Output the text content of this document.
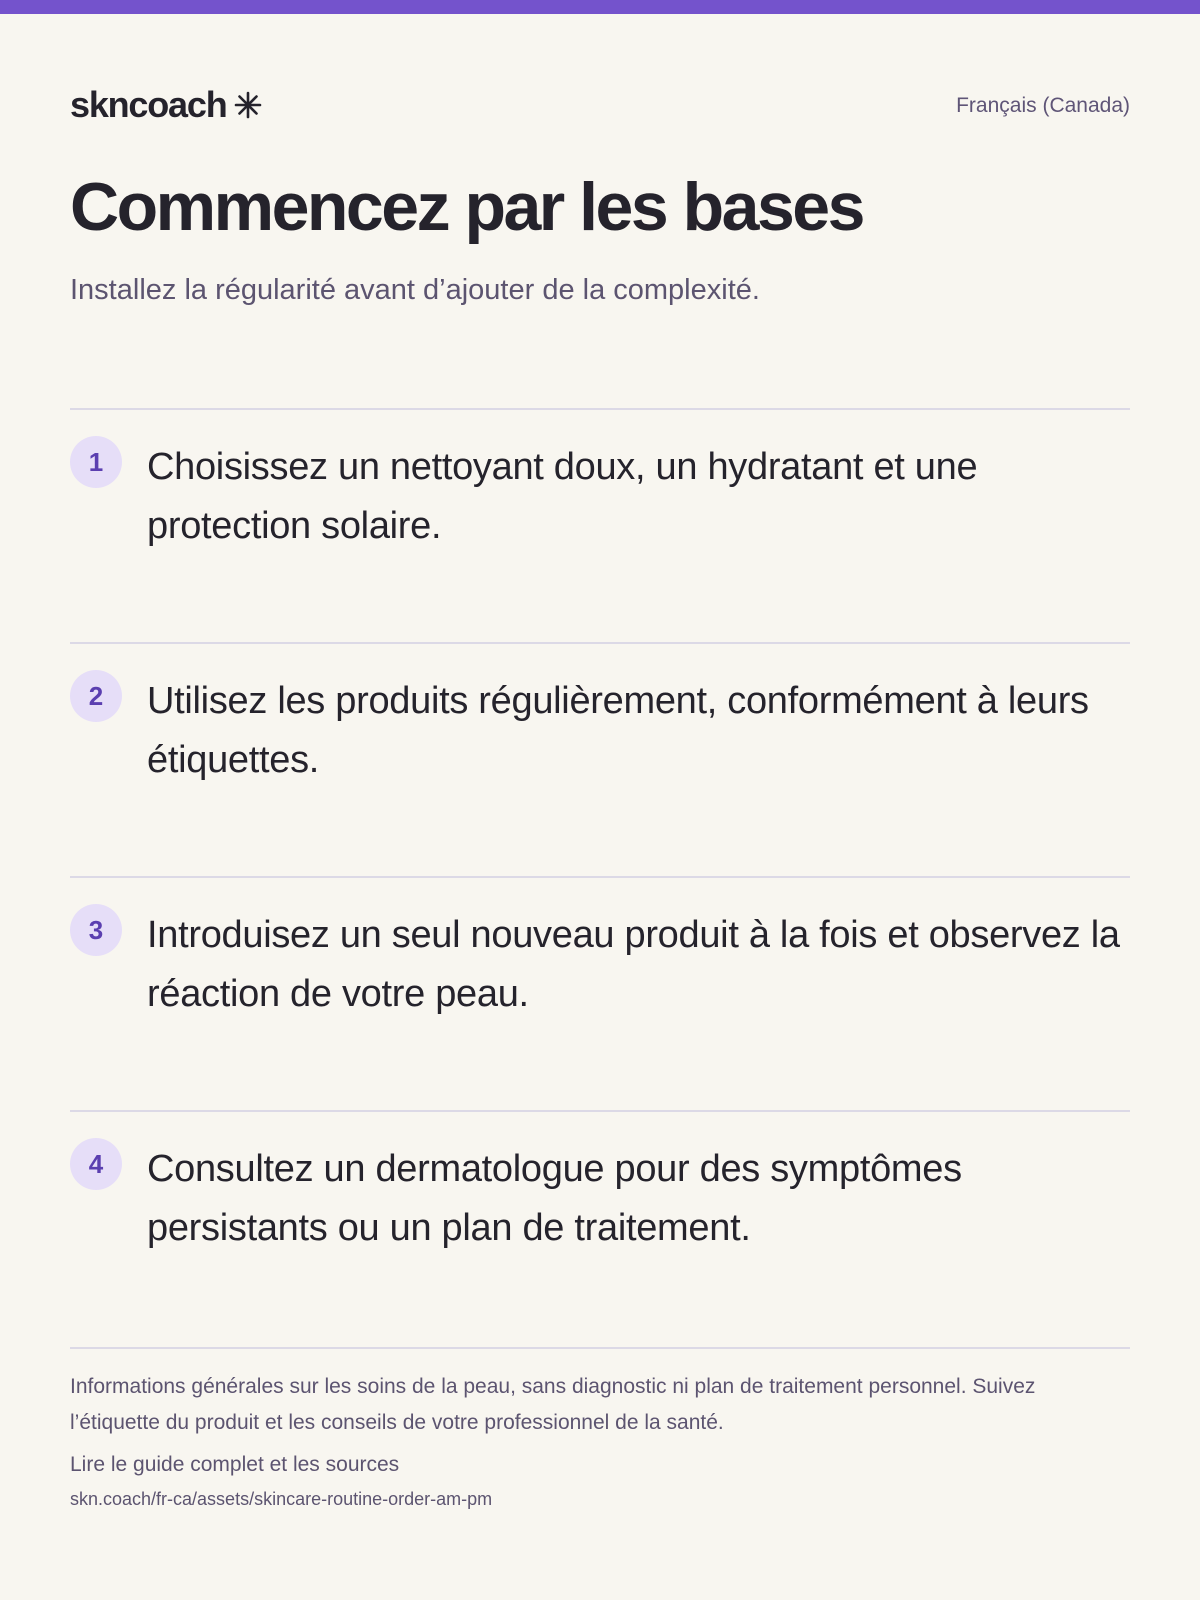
skncoach	Français (Canada)
Commencez par les bases

Installez la régularité avant d’ajouter de la complexité.

1	Choisissez un nettoyant doux, un hydratant et une protection solaire.

2	Utilisez les produits régulièrement, conformément à leurs étiquettes.

3	Introduisez un seul nouveau produit à la fois et observez la réaction de votre peau.

4	Consultez un dermatologue pour des symptômes persistants ou un plan de traitement.

Informations générales sur les soins de la peau, sans diagnostic ni plan de traitement personnel. Suivez l’étiquette du produit et les conseils de votre professionnel de la santé.

Lire le guide complet et les sources

skn.coach/fr-ca/assets/skincare-routine-order-am-pm
